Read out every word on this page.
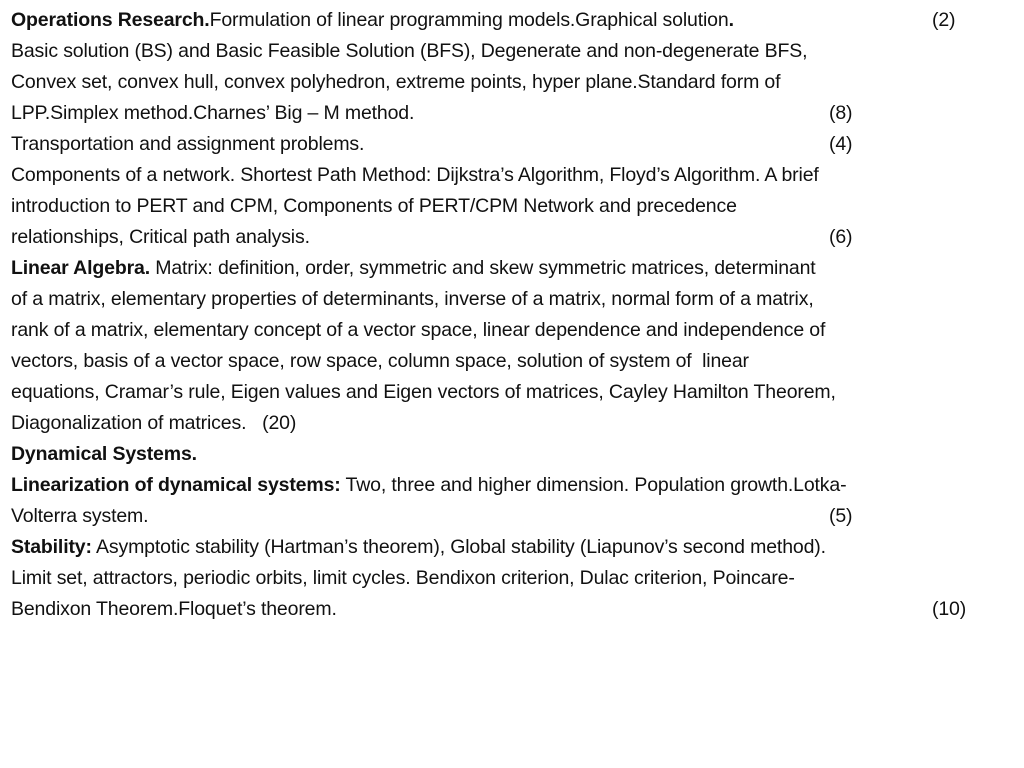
Operations Research.Formulation of linear programming models.Graphical solution.	(2)
Basic solution (BS) and Basic Feasible Solution (BFS), Degenerate and non-degenerate BFS,
Convex set, convex hull, convex polyhedron, extreme points, hyper plane.Standard form of
LPP.Simplex method.Charnes’ Big – M method.	(8)
Transportation and assignment problems.	(4)
Components of a network. Shortest Path Method: Dijkstra’s Algorithm, Floyd’s Algorithm. A brief
introduction to PERT and CPM, Components of PERT/CPM Network and precedence
relationships, Critical path analysis.	(6)
Linear Algebra. Matrix: definition, order, symmetric and skew symmetric matrices, determinant
of a matrix, elementary properties of determinants, inverse of a matrix, normal form of a matrix,
rank of a matrix, elementary concept of a vector space, linear dependence and independence of
vectors, basis of a vector space, row space, column space, solution of system of  linear
equations, Cramar’s rule, Eigen values and Eigen vectors of matrices, Cayley Hamilton Theorem,
Diagonalization of matrices.   (20)
Dynamical Systems.
Linearization of dynamical systems: Two, three and higher dimension. Population growth.Lotka-
Volterra system.	(5)
Stability: Asymptotic stability (Hartman’s theorem), Global stability (Liapunov’s second method).
Limit set, attractors, periodic orbits, limit cycles. Bendixon criterion, Dulac criterion, Poincare-
Bendixon Theorem.Floquet’s theorem.	(10)
